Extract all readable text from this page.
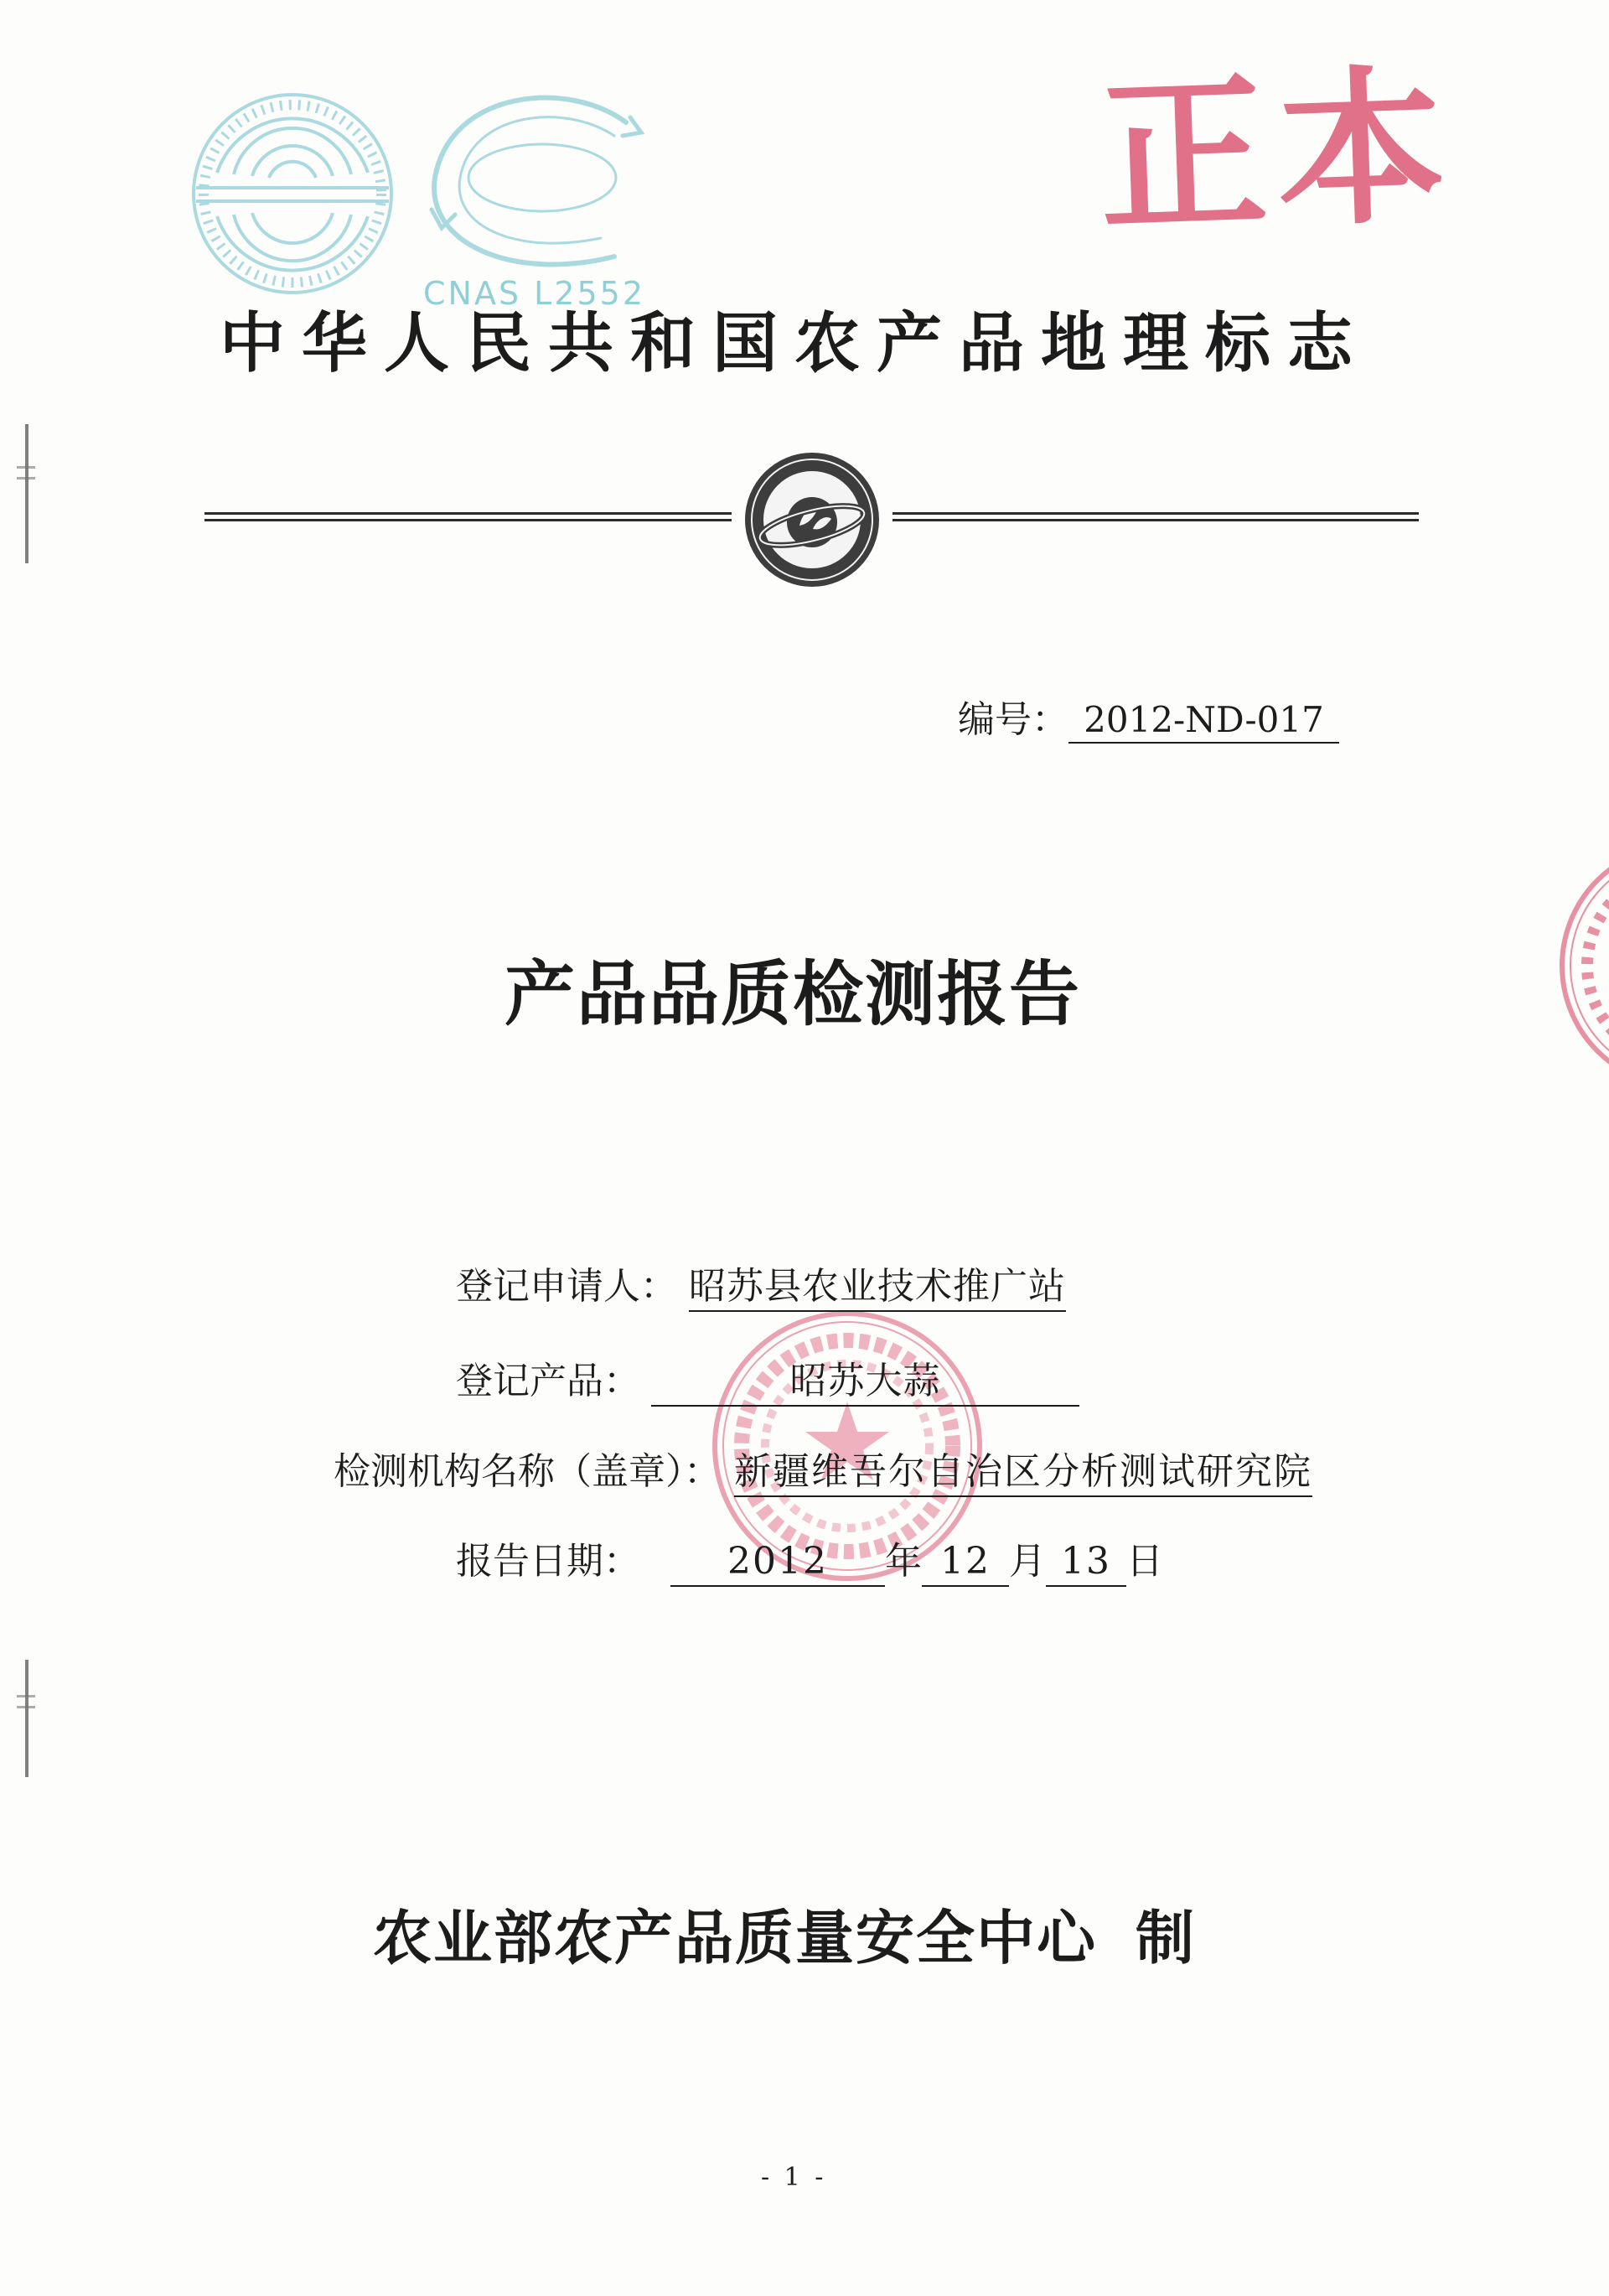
CNAS L2552
正本
中华人民共和国农产品地理标志
编号： 2012-ND-017
产品品质检测报告
登记申请人： 昭苏县农业技术推广站
登记产品：	昭苏大蒜
检测机构名称（盖章）： 新疆维吾尔自治区分析测试研究院
报告日期：	2012	年 12 月 13 日
农业部农产品质量安全中心 制
- 1 -
